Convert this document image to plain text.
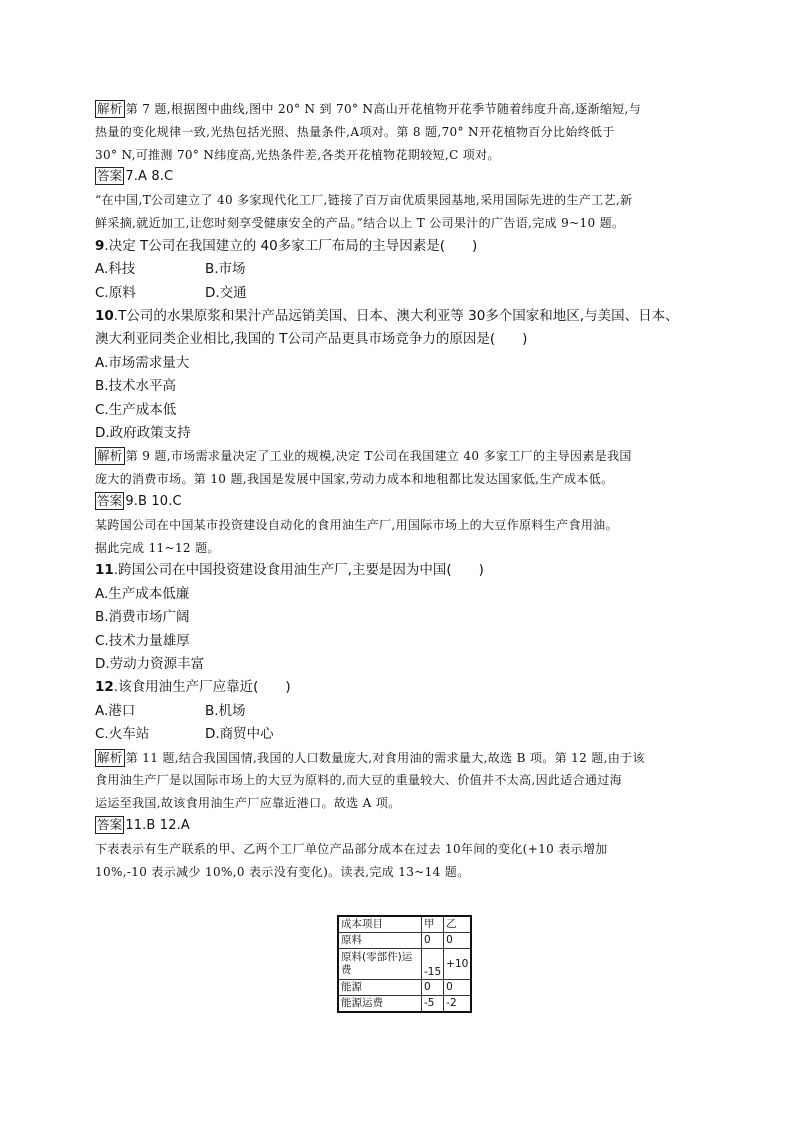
解析 第 7 题,根据图中曲线,图中 20° N 到 70° N高山开花植物开花季节随着纬度升高,逐渐缩短,与
热量的变化规律一致,光热包括光照、热量条件,A项对。第 8 题,70° N开花植物百分比始终低于
30° N,可推测 70° N纬度高,光热条件差,各类开花植物花期较短,C 项对。
答案 7.A 8.C
“在中国,T公司建立了 40 多家现代化工厂,链接了百万亩优质果园基地,采用国际先进的生产工艺,新
鲜采摘,就近加工,让您时刻享受健康安全的产品。”结合以上 T 公司果汁的广告语,完成 9~10 题。
9.决定 T公司在我国建立的 40多家工厂布局的主导因素是(　　)
A.科技	B.市场
C.原料	D.交通
10.T公司的水果原浆和果汁产品远销美国、日本、澳大利亚等 30多个国家和地区,与美国、日本、
澳大利亚同类企业相比,我国的 T公司产品更具市场竞争力的原因是(　　)
A.市场需求量大
B.技术水平高
C.生产成本低
D.政府政策支持
解析 第 9 题,市场需求量决定了工业的规模,决定 T公司在我国建立 40 多家工厂的主导因素是我国
庞大的消费市场。第 10 题,我国是发展中国家,劳动力成本和地租都比发达国家低,生产成本低。
答案 9.B 10.C
某跨国公司在中国某市投资建设自动化的食用油生产厂,用国际市场上的大豆作原料生产食用油。
据此完成 11~12 题。
11.跨国公司在中国投资建设食用油生产厂,主要是因为中国(　　)
A.生产成本低廉
B.消费市场广阔
C.技术力量雄厚
D.劳动力资源丰富
12.该食用油生产厂应靠近(　　)
A.港口	B.机场
C.火车站	D.商贸中心
解析 第 11 题,结合我国国情,我国的人口数量庞大,对食用油的需求量大,故选 B 项。第 12 题,由于该
食用油生产厂是以国际市场上的大豆为原料的,而大豆的重量较大、价值并不太高,因此适合通过海
运运至我国,故该食用油生产厂应靠近港口。故选 A 项。
答案 11.B 12.A
下表表示有生产联系的甲、乙两个工厂单位产品部分成本在过去 10年间的变化(+10 表示增加
10%,-10 表示减少 10%,0 表示没有变化)。读表,完成 13~14 题。
成本项目	甲	乙
原料	0	0
原料(零部件)运费	-15	+10
能源	0	0
能源运费	-5	-2
